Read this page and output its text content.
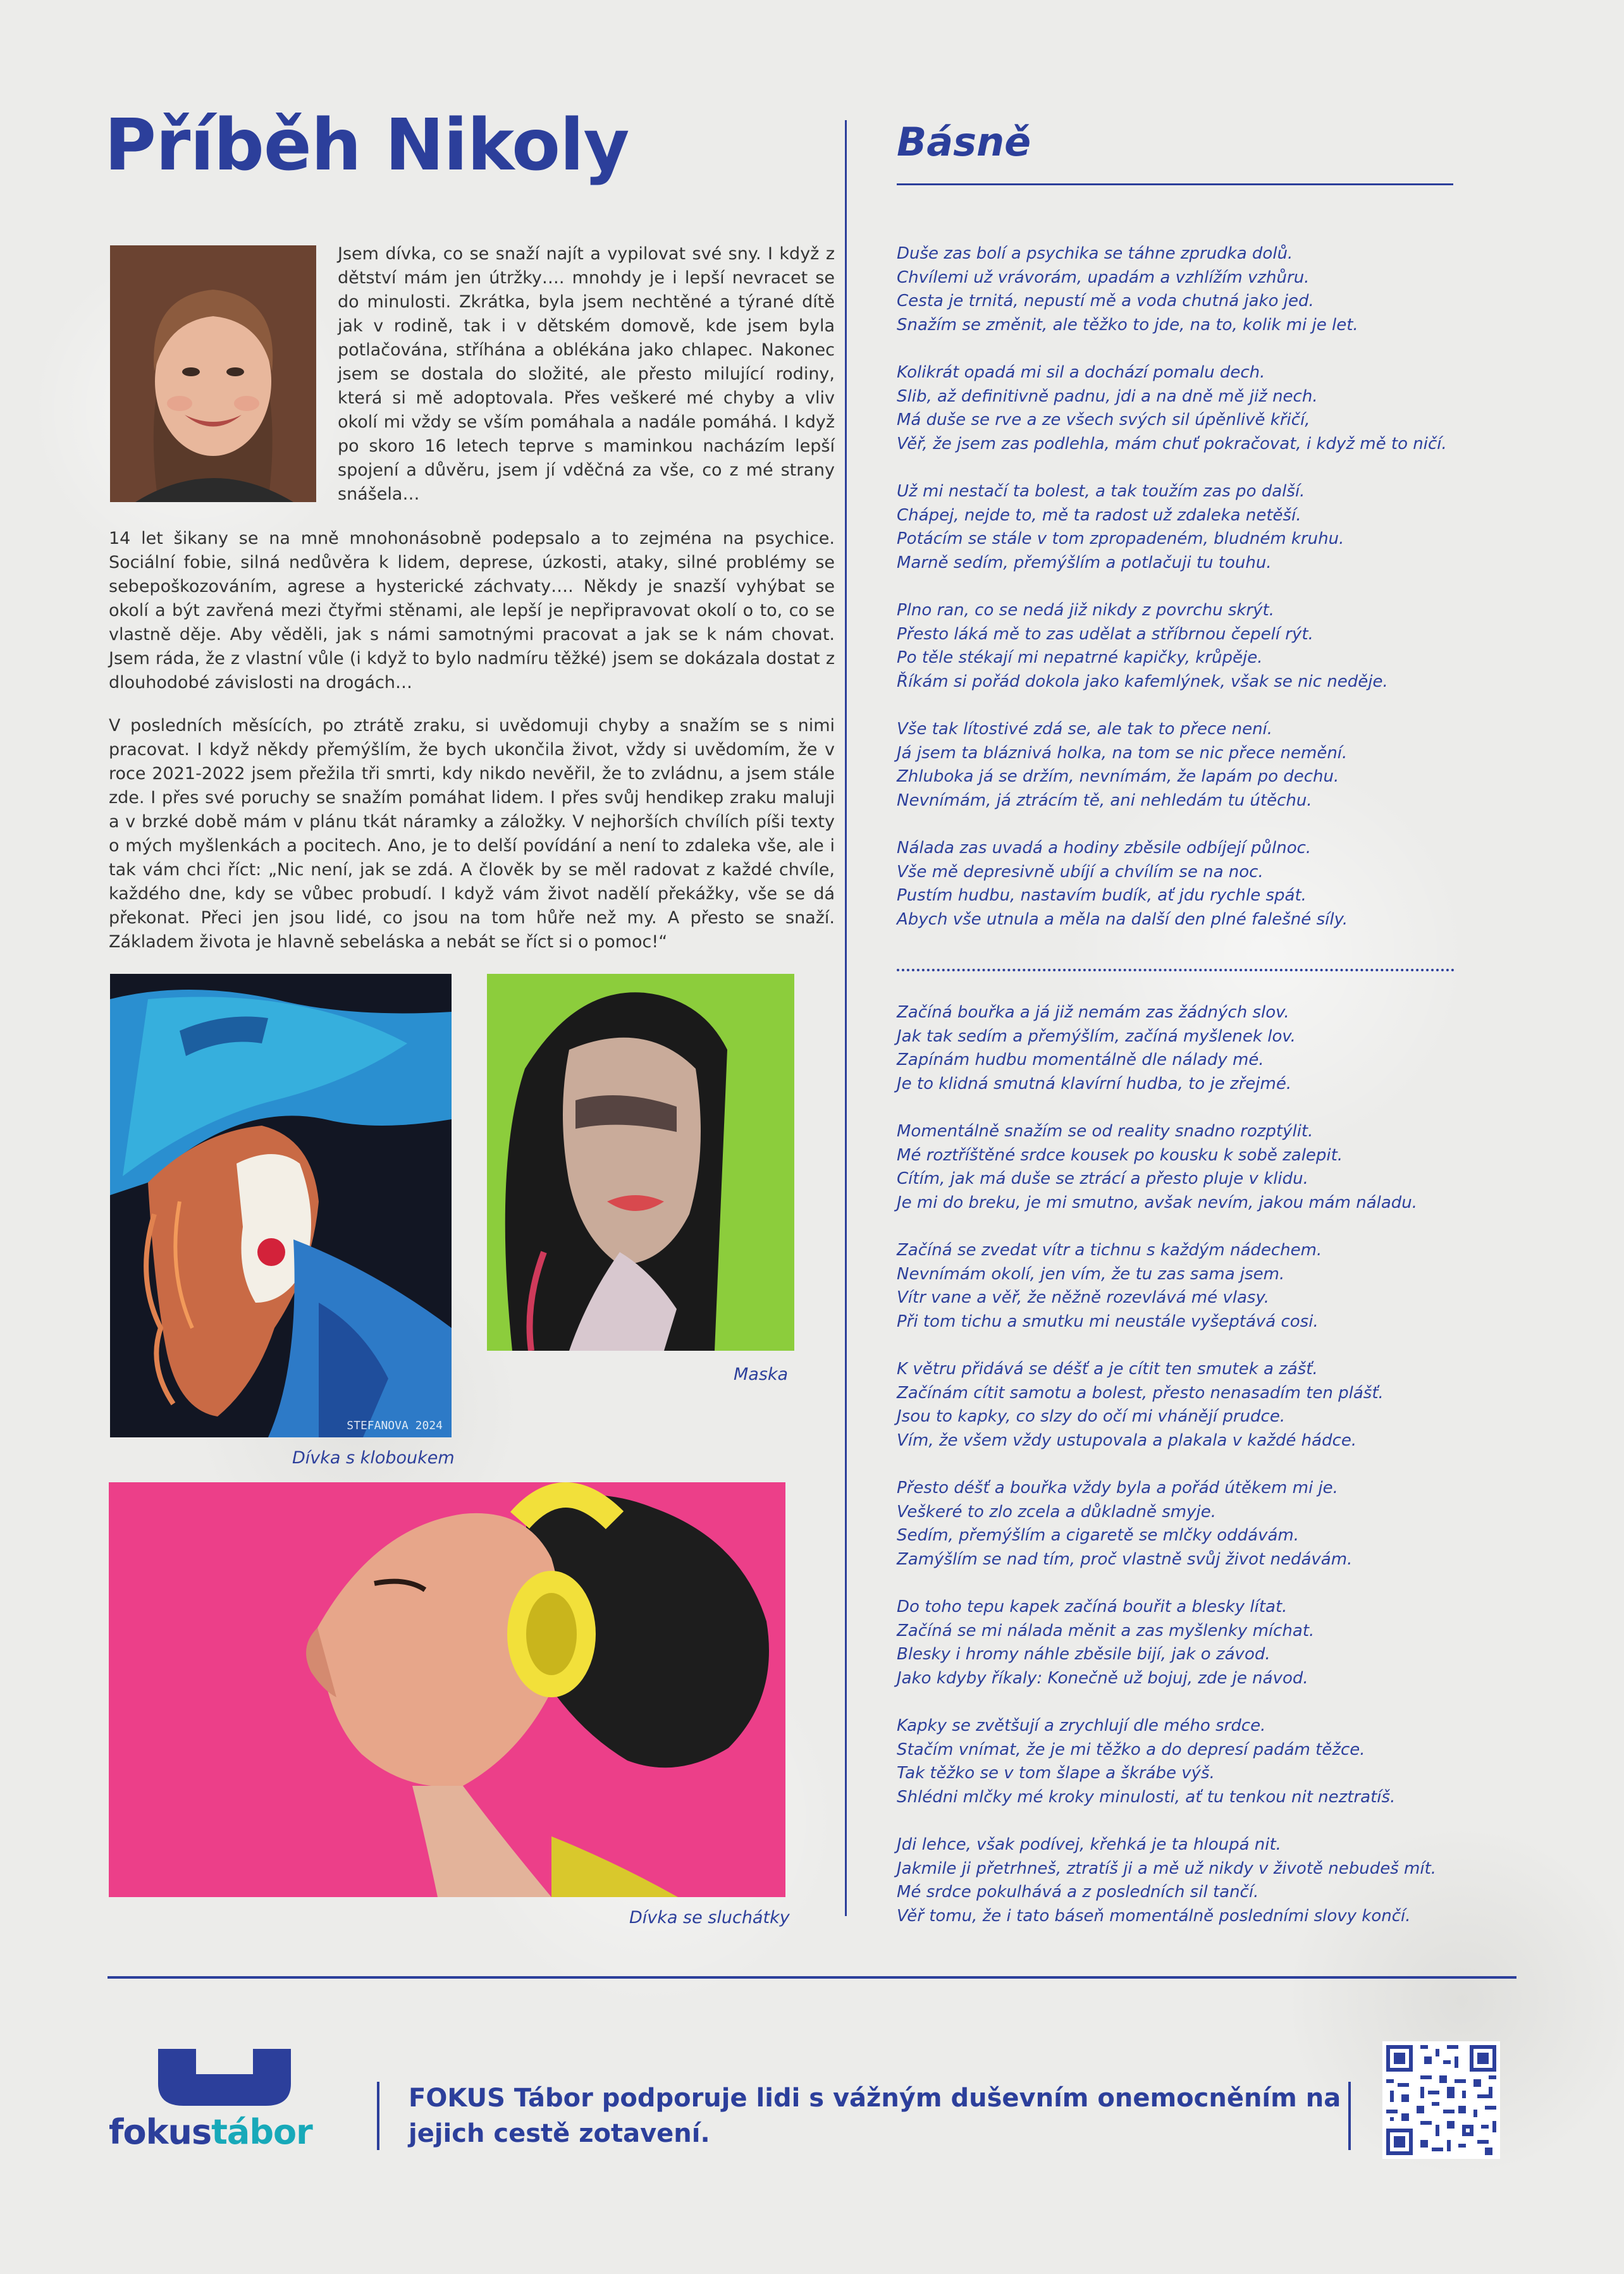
Příběh Nikoly

Jsem dívka, co se snaží najít a vypilovat své sny. I když z dětství mám jen útržky…. mnohdy je i lepší nevracet se do minulosti. Zkrátka, byla jsem nechtěné a týrané dítě jak v rodině, tak i v dětském domově, kde jsem byla potlačována, stříhána a oblékána jako chlapec. Nakonec jsem se dostala do složité, ale přesto milující rodiny, která si mě adoptovala. Přes veškeré mé chyby a vliv okolí mi vždy se vším pomáhala a nadále pomáhá. I když po skoro 16 letech teprve s maminkou nacházím lepší spojení a důvěru, jsem jí vděčná za vše, co z mé strany snášela…

14 let šikany se na mně mnohonásobně podepsalo a to zejména na psychice. Sociální fobie, silná nedůvěra k lidem, deprese, úzkosti, ataky, silné problémy se sebepoškozováním, agrese a hysterické záchvaty…. Někdy je snazší vyhýbat se okolí a být zavřená mezi čtyřmi stěnami, ale lepší je nepřipravovat okolí o to, co se vlastně děje. Aby věděli, jak s námi samotnými pracovat a jak se k nám chovat. Jsem ráda, že z vlastní vůle (i když to bylo nadmíru těžké) jsem se dokázala dostat z dlouhodobé závislosti na drogách…

V posledních měsících, po ztrátě zraku, si uvědomuji chyby a snažím se s nimi pracovat. I když někdy přemýšlím, že bych ukončila život, vždy si uvědomím, že v roce 2021-2022 jsem přežila tři smrti, kdy nikdo nevěřil, že to zvládnu, a jsem stále zde. I přes své poruchy se snažím pomáhat lidem. I přes svůj hendikep zraku maluji a v brzké době mám v plánu tkát náramky a záložky. V nejhorších chvílích píši texty o mých myšlenkách a pocitech. Ano, je to delší povídání a není to zdaleka vše, ale i tak vám chci říct: „Nic není, jak se zdá. A člověk by se měl radovat z každé chvíle, každého dne, kdy se vůbec probudí. I když vám život nadělí překážky, vše se dá překonat. Přeci jen jsou lidé, co jsou na tom hůře než my. A přesto se snaží. Základem života je hlavně sebeláska a nebát se říct si o pomoc!“

STEFANOVA 2024

Dívka s kloboukem

Maska

Dívka se sluchátky

Básně
Duše zas bolí a psychika se táhne zprudka dolů.
Chvílemi už vrávorám, upadám a vzhlížím vzhůru.
Cesta je trnitá, nepustí mě a voda chutná jako jed.
Snažím se změnit, ale těžko to jde, na to, kolik mi je let.
Kolikrát opadá mi sil a dochází pomalu dech.
Slib, až definitivně padnu, jdi a na dně mě již nech.
Má duše se rve a ze všech svých sil úpěnlivě křičí,
Věř, že jsem zas podlehla, mám chuť pokračovat, i když mě to ničí.
Už mi nestačí ta bolest, a tak toužím zas po další.
Chápej, nejde to, mě ta radost už zdaleka netěší.
Potácím se stále v tom zpropadeném, bludném kruhu.
Marně sedím, přemýšlím a potlačuji tu touhu.
Plno ran, co se nedá již nikdy z povrchu skrýt.
Přesto láká mě to zas udělat a stříbrnou čepelí rýt.
Po těle stékají mi nepatrné kapičky, krůpěje.
Říkám si pořád dokola jako kafemlýnek, však se nic neděje.
Vše tak lítostivé zdá se, ale tak to přece není.
Já jsem ta bláznivá holka, na tom se nic přece nemění.
Zhluboka já se držím, nevnímám, že lapám po dechu.
Nevnímám, já ztrácím tě, ani nehledám tu útěchu.
Nálada zas uvadá a hodiny zběsile odbíjejí půlnoc.
Vše mě depresivně ubíjí a chvílím se na noc.
Pustím hudbu, nastavím budík, ať jdu rychle spát.
Abych vše utnula a měla na další den plné falešné síly.
Začíná bouřka a já již nemám zas žádných slov.
Jak tak sedím a přemýšlím, začíná myšlenek lov.
Zapínám hudbu momentálně dle nálady mé.
Je to klidná smutná klavírní hudba, to je zřejmé.
Momentálně snažím se od reality snadno rozptýlit.
Mé roztříštěné srdce kousek po kousku k sobě zalepit.
Cítím, jak má duše se ztrácí a přesto pluje v klidu.
Je mi do breku, je mi smutno, avšak nevím, jakou mám náladu.
Začíná se zvedat vítr a tichnu s každým nádechem.
Nevnímám okolí, jen vím, že tu zas sama jsem.
Vítr vane a věř, že něžně rozevlává mé vlasy.
Při tom tichu a smutku mi neustále vyšeptává cosi.
K větru přidává se déšť a je cítit ten smutek a zášť.
Začínám cítit samotu a bolest, přesto nenasadím ten plášť.
Jsou to kapky, co slzy do očí mi vhánějí prudce.
Vím, že všem vždy ustupovala a plakala v každé hádce.
Přesto déšť a bouřka vždy byla a pořád útěkem mi je.
Veškeré to zlo zcela a důkladně smyje.
Sedím, přemýšlím a cigaretě se mlčky oddávám.
Zamýšlím se nad tím, proč vlastně svůj život nedávám.
Do toho tepu kapek začíná bouřit a blesky lítat.
Začíná se mi nálada měnit a zas myšlenky míchat.
Blesky i hromy náhle zběsile bijí, jak o závod.
Jako kdyby říkaly: Konečně už bojuj, zde je návod.
Kapky se zvětšují a zrychlují dle mého srdce.
Stačím vnímat, že je mi těžko a do depresí padám těžce.
Tak těžko se v tom šlape a škrábe výš.
Shlédni mlčky mé kroky minulosti, ať tu tenkou nit neztratíš.
Jdi lehce, však podívej, křehká je ta hloupá nit.
Jakmile ji přetrhneš, ztratíš ji a mě už nikdy v životě nebudeš mít.
Mé srdce pokulhává a z posledních sil tančí.
Věř tomu, že i tato báseň momentálně posledními slovy končí.
fokustábor

FOKUS Tábor podporuje lidi s vážným duševním onemocněním na jejich cestě zotavení.
